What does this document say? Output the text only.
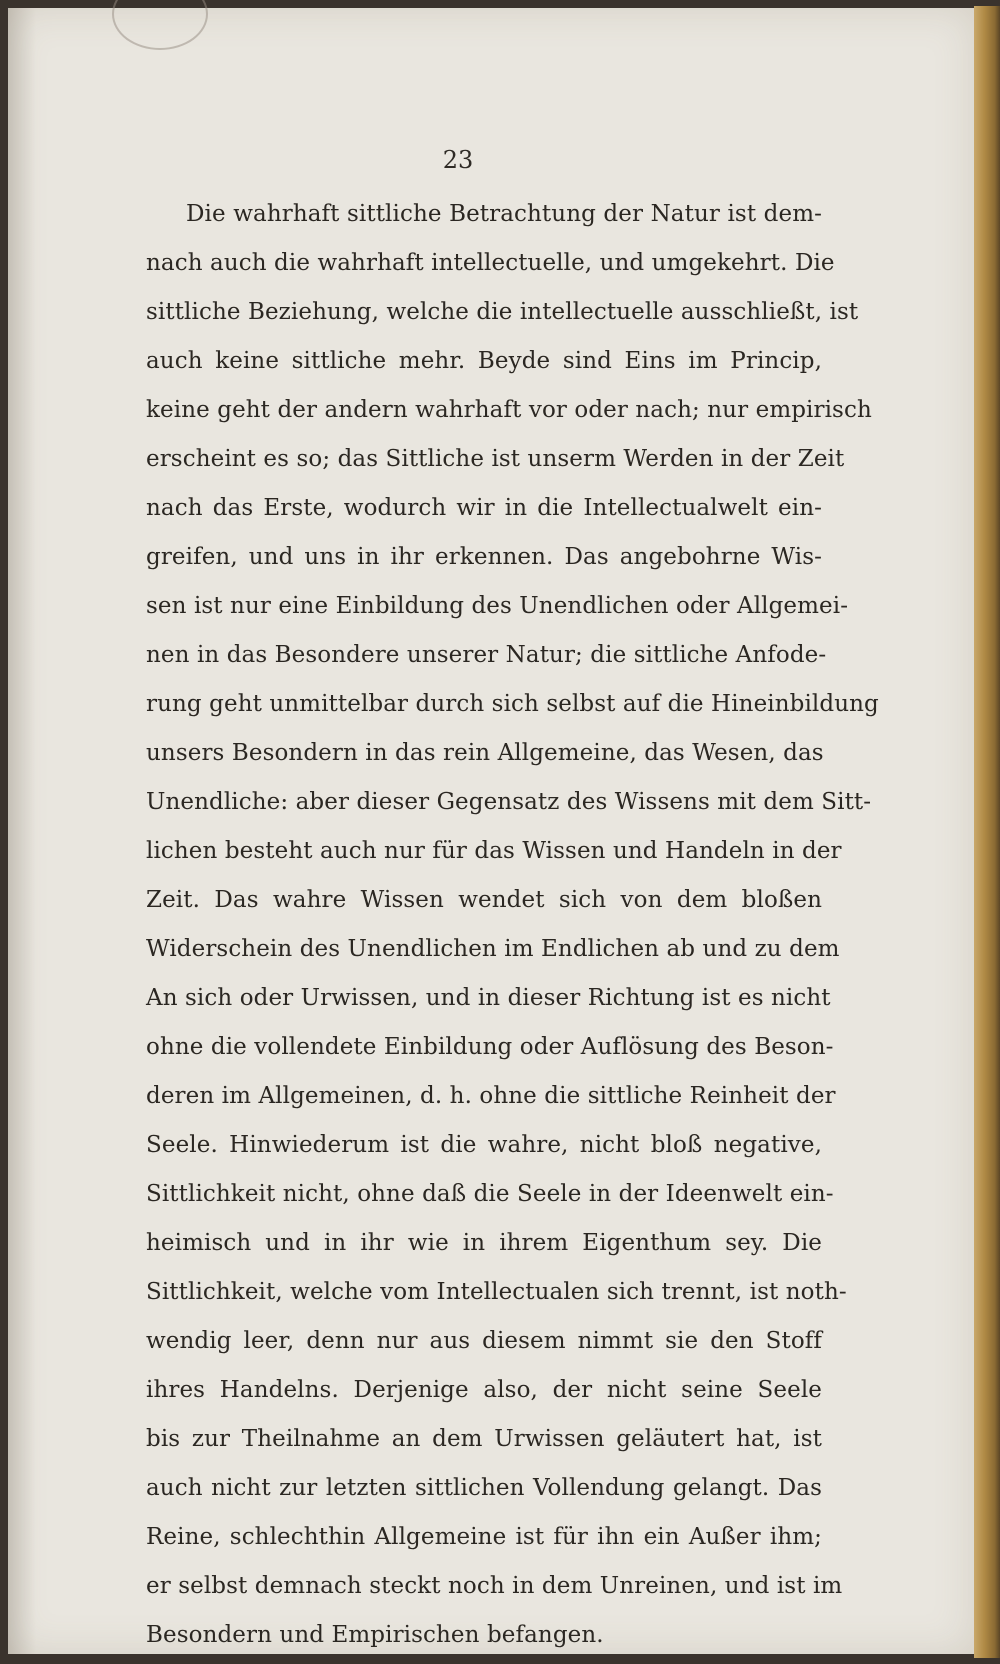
23
Die wahrhaft sittliche Betrachtung der Natur ist dem-
nach auch die wahrhaft intellectuelle, und umgekehrt. Die
sittliche Beziehung, welche die intellectuelle ausschließt, ist
auch keine sittliche mehr. Beyde sind Eins im Princip,
keine geht der andern wahrhaft vor oder nach; nur empirisch
erscheint es so; das Sittliche ist unserm Werden in der Zeit
nach das Erste, wodurch wir in die Intellectualwelt ein-
greifen, und uns in ihr erkennen. Das angebohrne Wis-
sen ist nur eine Einbildung des Unendlichen oder Allgemei-
nen in das Besondere unserer Natur; die sittliche Anfode-
rung geht unmittelbar durch sich selbst auf die Hineinbildung
unsers Besondern in das rein Allgemeine, das Wesen, das
Unendliche: aber dieser Gegensatz des Wissens mit dem Sitt-
lichen besteht auch nur für das Wissen und Handeln in der
Zeit. Das wahre Wissen wendet sich von dem bloßen
Widerschein des Unendlichen im Endlichen ab und zu dem
An sich oder Urwissen, und in dieser Richtung ist es nicht
ohne die vollendete Einbildung oder Auflösung des Beson-
deren im Allgemeinen, d. h. ohne die sittliche Reinheit der
Seele. Hinwiederum ist die wahre, nicht bloß negative,
Sittlichkeit nicht, ohne daß die Seele in der Ideenwelt ein-
heimisch und in ihr wie in ihrem Eigenthum sey. Die
Sittlichkeit, welche vom Intellectualen sich trennt, ist noth-
wendig leer, denn nur aus diesem nimmt sie den Stoff
ihres Handelns. Derjenige also, der nicht seine Seele
bis zur Theilnahme an dem Urwissen geläutert hat, ist
auch nicht zur letzten sittlichen Vollendung gelangt. Das
Reine, schlechthin Allgemeine ist für ihn ein Außer ihm;
er selbst demnach steckt noch in dem Unreinen, und ist im
Besondern und Empirischen befangen.
